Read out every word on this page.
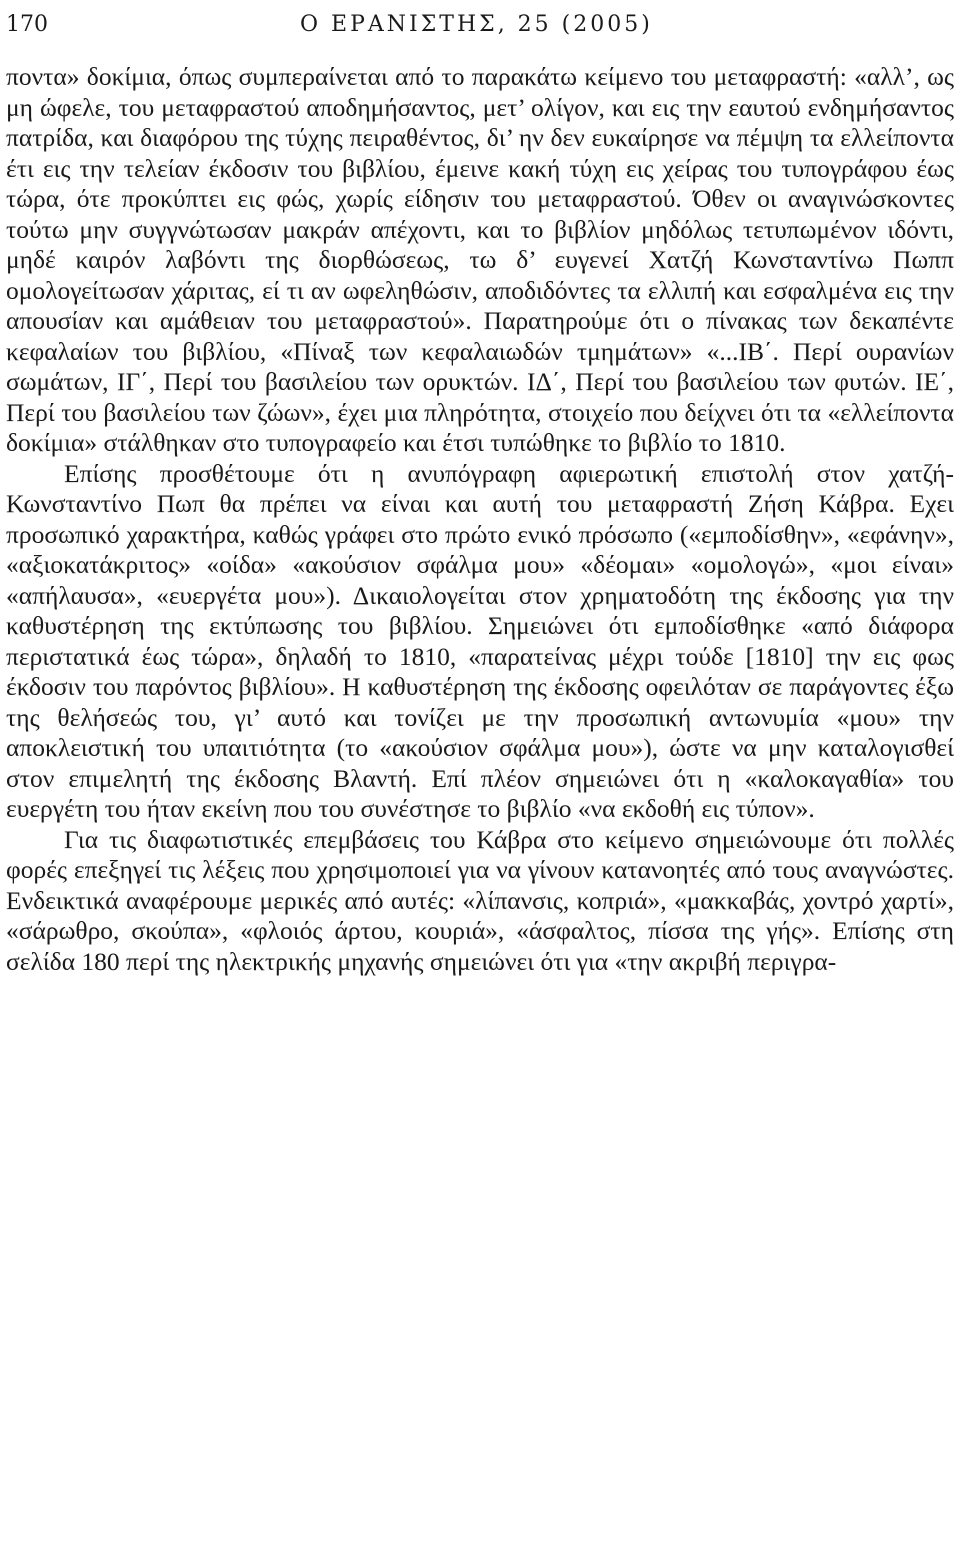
170	Ο ΕΡΑΝΙΣΤΗΣ, 25 (2005)

ποντα» δοκίμια, όπως συμπεραίνεται από το παρακάτω κείμενο του μεταφραστή: «αλλ’, ως μη ώφελε, του μεταφραστού αποδημήσαντος, μετ’ ολίγον, και εις την εαυτού ενδημήσαντος πατρίδα, και διαφόρου της τύχης πειραθέντος, δι’ ην δεν ευκαίρησε να πέμψη τα ελλείποντα έτι εις την τελείαν έκδοσιν του βιβλίου, έμεινε κακή τύχη εις χείρας του τυπογράφου έως τώρα, ότε προκύπτει εις φώς, χωρίς είδησιν του μεταφραστού. Όθεν οι αναγινώσκοντες τούτω μην συγγνώτωσαν μακράν απέχοντι, και το βιβλίον μηδόλως τετυπωμένον ιδόντι, μηδέ καιρόν λαβόντι της διορθώσεως, τω δ’ ευγενεί Χατζή Κωνσταντίνω Πωππ ομολογείτωσαν χάριτας, εί τι αν ωφεληθώσιν, αποδιδόντες τα ελλιπή και εσφαλμένα εις την απουσίαν και αμάθειαν του μεταφραστού». Παρατηρούμε ότι ο πίνακας των δεκαπέντε κεφαλαίων του βιβλίου, «Πίναξ των κεφαλαιωδών τμημάτων» «...ΙΒ΄. Περί ουρανίων σωμάτων, ΙΓ΄, Περί του βασιλείου των ορυκτών. ΙΔ΄, Περί του βασιλείου των φυτών. ΙΕ΄, Περί του βασιλείου των ζώων», έχει μια πληρότητα, στοιχείο που δείχνει ότι τα «ελλείποντα δοκίμια» στάλθηκαν στο τυπογραφείο και έτσι τυπώθηκε το βιβλίο το 1810.

Επίσης προσθέτουμε ότι η ανυπόγραφη αφιερωτική επιστολή στον χατζή-Κωνσταντίνο Πωπ θα πρέπει να είναι και αυτή του μεταφραστή Ζήση Κάβρα. Εχει προσωπικό χαρακτήρα, καθώς γράφει στο πρώτο ενικό πρόσωπο («εμποδίσθην», «εφάνην», «αξιοκατάκριτος» «οίδα» «ακούσιον σφάλμα μου» «δέομαι» «ομολογώ», «μοι είναι» «απήλαυσα», «ευεργέτα μου»). Δικαιολογείται στον χρηματοδότη της έκδοσης για την καθυστέρηση της εκτύπωσης του βιβλίου. Σημειώνει ότι εμποδίσθηκε «από διάφορα περιστατικά έως τώρα», δηλαδή το 1810, «παρατείνας μέχρι τούδε [1810] την εις φως έκδοσιν του παρόντος βιβλίου». Η καθυστέρηση της έκδοσης οφειλόταν σε παράγοντες έξω της θελήσεώς του, γι’ αυτό και τονίζει με την προσωπική αντωνυμία «μου» την αποκλειστική του υπαιτιότητα (το «ακούσιον σφάλμα μου»), ώστε να μην καταλογισθεί στον επιμελητή της έκδοσης Βλαντή. Επί πλέον σημειώνει ότι η «καλοκαγαθία» του ευεργέτη του ήταν εκείνη που του συνέστησε το βιβλίο «να εκδοθή εις τύπον».

Για τις διαφωτιστικές επεμβάσεις του Κάβρα στο κείμενο σημειώνουμε ότι πολλές φορές επεξηγεί τις λέξεις που χρησιμοποιεί για να γίνουν κατανοητές από τους αναγνώστες. Ενδεικτικά αναφέρουμε μερικές από αυτές: «λίπανσις, κοπριά», «μακκαβάς, χοντρό χαρτί», «σάρωθρο, σκούπα», «φλοιός άρτου, κουριά», «άσφαλτος, πίσσα της γής». Επίσης στη σελίδα 180 περί της ηλεκτρικής μηχανής σημειώνει ότι για «την ακριβή περιγρα-
